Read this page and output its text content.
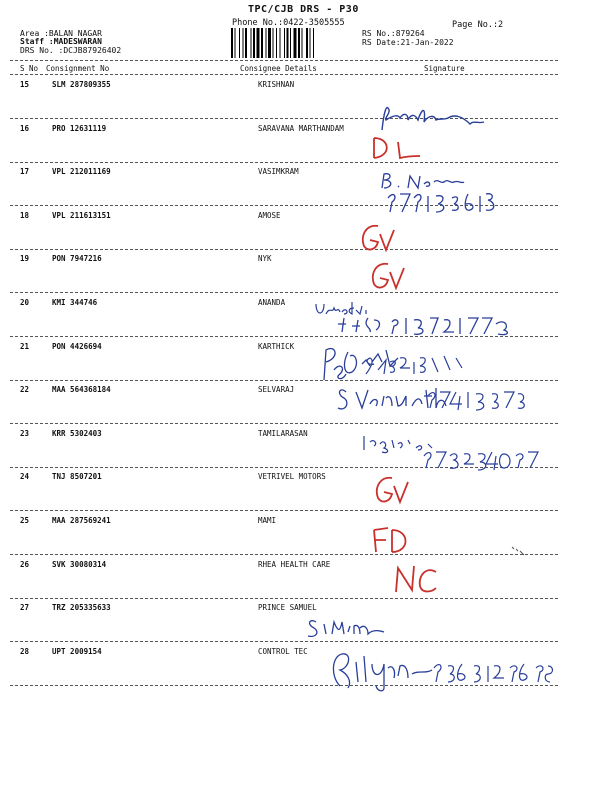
TPC/CJB DRS - P30
Phone No.:0422-3505555	Page No.:2
Area :BALAN NAGAR
Staff :MADESWARAN
DRS No. :DCJB87926402
RS No.:879264
RS Date:21-Jan-2022
S No Consignment No	Consignee Details	Signature
15	SLM 287809355	KRISHNAN
16	PRO 12631119	SARAVANA MARTHANDAM
17	VPL 212011169	VASIMKRAM
18	VPL 211613151	AMOSE
19	PON 7947216	NYK
20	KMI 344746	ANANDA
21	PON 4426694	KARTHICK
22	MAA 564368184	SELVARAJ
23	KRR 5302403	TAMILARASAN
24	TNJ 8507201	VETRIVEL MOTORS
25	MAA 287569241	MAMI
26	SVK 30080314	RHEA HEALTH CARE
27	TRZ 205335633	PRINCE SAMUEL
28	UPT 2009154	CONTROL TEC
